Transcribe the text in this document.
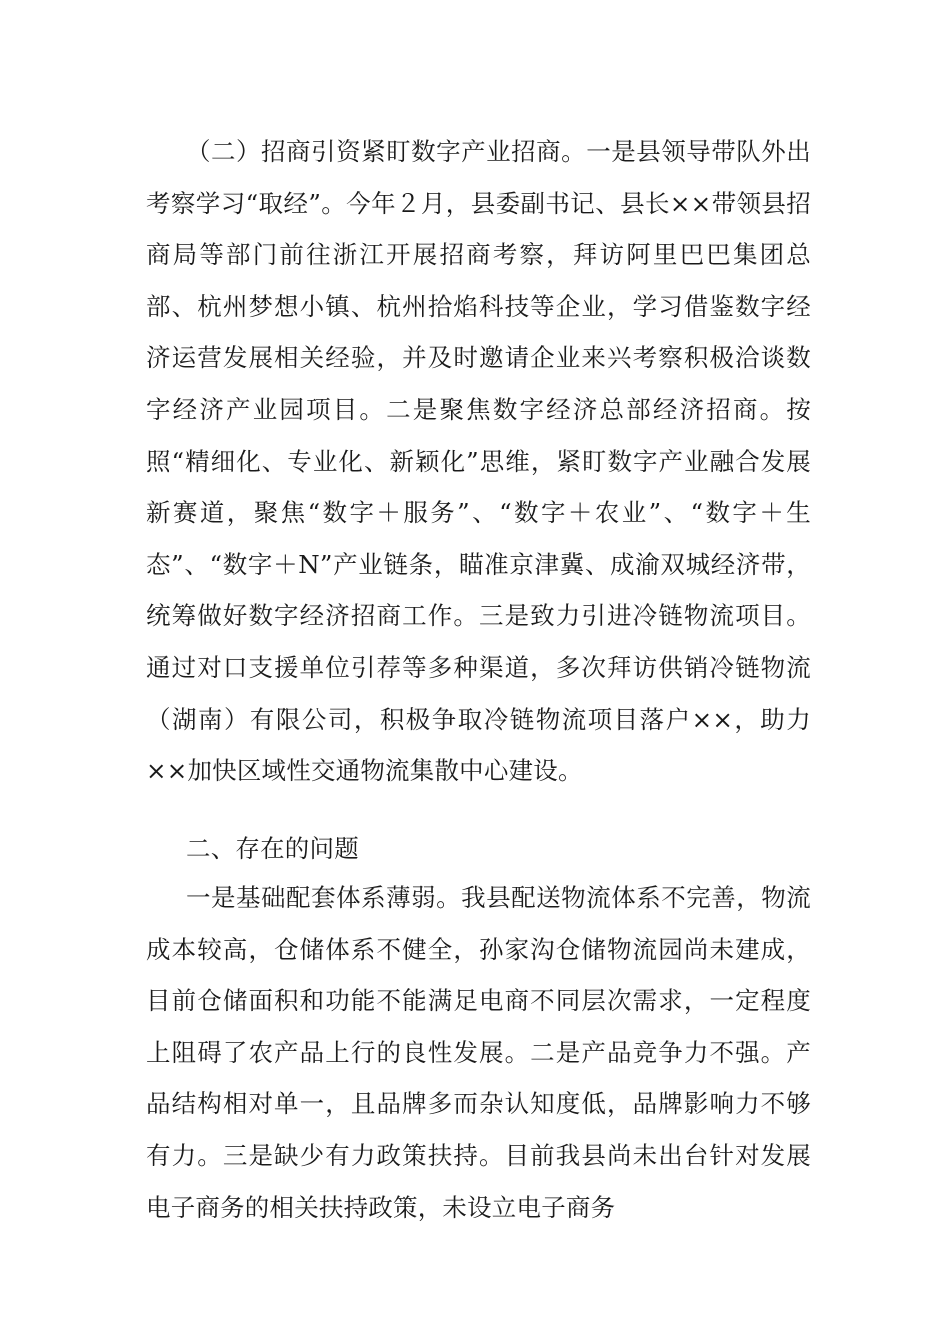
（二）招商引资紧盯数字产业招商。一是县领导带队外出考察学习“取经”。今年２月，县委副书记、县长××带领县招商局等部门前往浙江开展招商考察，拜访阿里巴巴集团总部、杭州梦想小镇、杭州拾焰科技等企业，学习借鉴数字经济运营发展相关经验，并及时邀请企业来兴考察积极洽谈数字经济产业园项目。二是聚焦数字经济总部经济招商。按照“精细化、专业化、新颖化”思维，紧盯数字产业融合发展新赛道，聚焦“数字＋服务”、“数字＋农业”、“数字＋生态”、“数字＋N”产业链条，瞄准京津冀、成渝双城经济带，统筹做好数字经济招商工作。三是致力引进冷链物流项目。通过对口支援单位引荐等多种渠道，多次拜访供销冷链物流（湖南）有限公司，积极争取冷链物流项目落户××，助力××加快区域性交通物流集散中心建设。

二、存在的问题

一是基础配套体系薄弱。我县配送物流体系不完善，物流成本较高，仓储体系不健全，孙家沟仓储物流园尚未建成，目前仓储面积和功能不能满足电商不同层次需求，一定程度上阻碍了农产品上行的良性发展。二是产品竞争力不强。产品结构相对单一，且品牌多而杂认知度低，品牌影响力不够有力。三是缺少有力政策扶持。目前我县尚未出台针对发展电子商务的相关扶持政策，未设立电子商务
